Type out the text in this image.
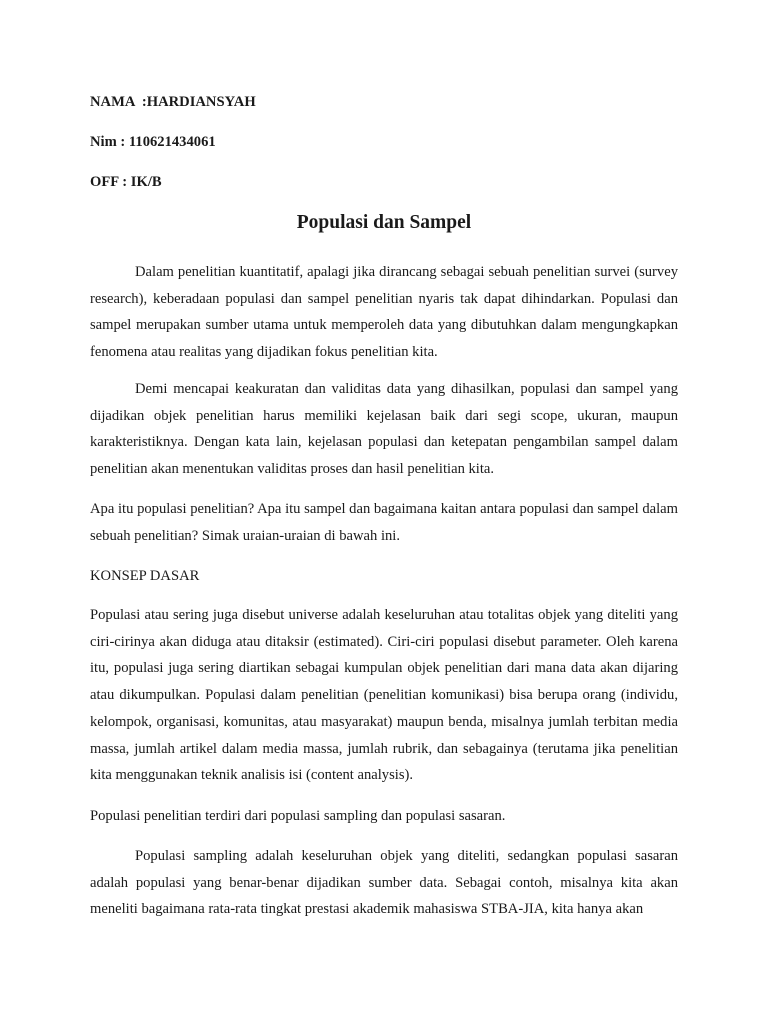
NAMA  :HARDIANSYAH
Nim : 110621434061
OFF : IK/B
Populasi dan Sampel

Dalam penelitian kuantitatif, apalagi jika dirancang sebagai sebuah penelitian survei (survey research), keberadaan populasi dan sampel penelitian nyaris tak dapat dihindarkan. Populasi dan sampel merupakan sumber utama untuk memperoleh data yang dibutuhkan dalam mengungkapkan fenomena atau realitas yang dijadikan fokus penelitian kita.

Demi mencapai keakuratan dan validitas data yang dihasilkan, populasi dan sampel yang dijadikan objek penelitian harus memiliki kejelasan baik dari segi scope, ukuran, maupun karakteristiknya. Dengan kata lain, kejelasan populasi dan ketepatan pengambilan sampel dalam penelitian akan menentukan validitas proses dan hasil penelitian kita.

Apa itu populasi penelitian? Apa itu sampel dan bagaimana kaitan antara populasi dan sampel dalam sebuah penelitian? Simak uraian-uraian di bawah ini.

KONSEP DASAR

Populasi atau sering juga disebut universe adalah keseluruhan atau totalitas objek yang diteliti yang ciri-cirinya akan diduga atau ditaksir (estimated). Ciri-ciri populasi disebut parameter. Oleh karena itu, populasi juga sering diartikan sebagai kumpulan objek penelitian dari mana data akan dijaring atau dikumpulkan. Populasi dalam penelitian (penelitian komunikasi) bisa berupa orang (individu, kelompok, organisasi, komunitas, atau masyarakat) maupun benda, misalnya jumlah terbitan media massa, jumlah artikel dalam media massa, jumlah rubrik, dan sebagainya (terutama jika penelitian kita menggunakan teknik analisis isi (content analysis).

Populasi penelitian terdiri dari populasi sampling dan populasi sasaran.

Populasi sampling adalah keseluruhan objek yang diteliti, sedangkan populasi sasaran adalah populasi yang benar-benar dijadikan sumber data. Sebagai contoh, misalnya kita akan meneliti bagaimana rata-rata tingkat prestasi akademik mahasiswa STBA-JIA, kita hanya akan
